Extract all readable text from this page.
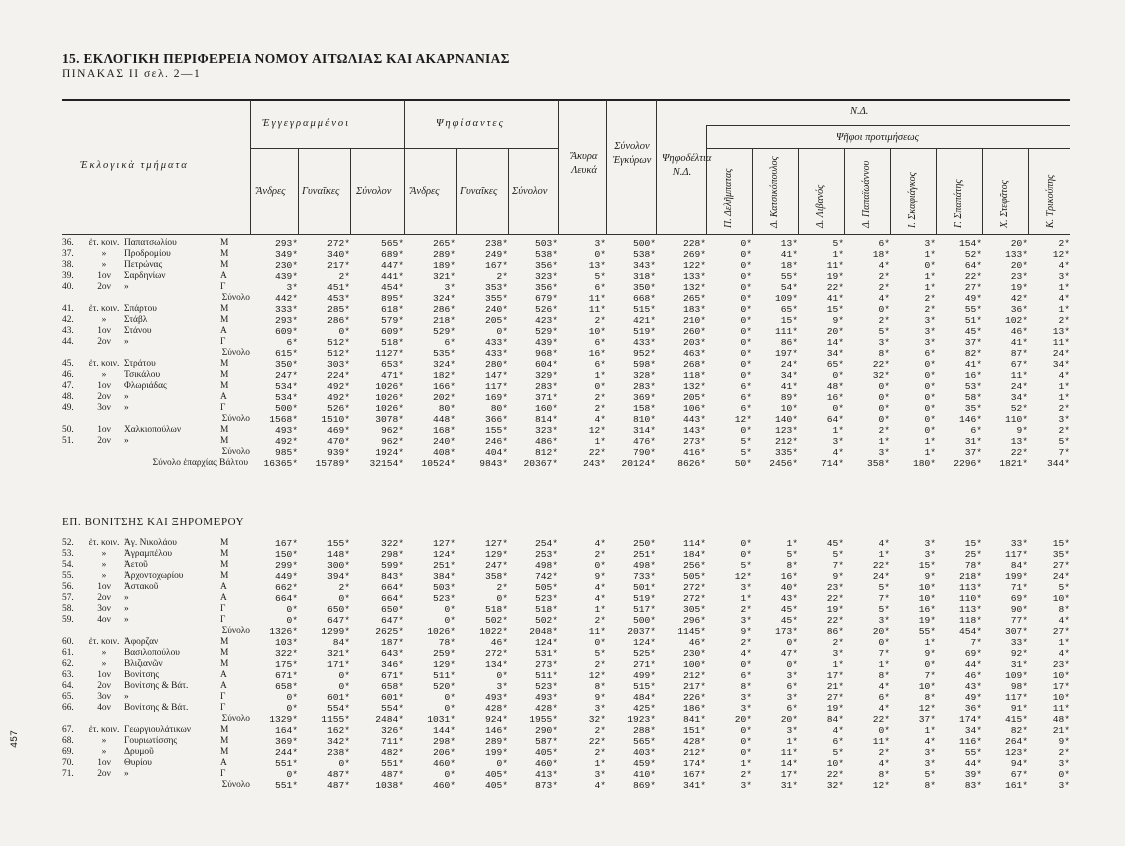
15. ΕΚΛΟΓΙΚΗ ΠΕΡΙΦΕΡΕΙΑ ΝΟΜΟΥ ΑΙΤΩΛΙΑΣ ΚΑΙ ΑΚΑΡΝΑΝΙΑΣ
ΠΙΝΑΚΑΣ ΙΙ σελ. 2—1
457
Ἐκλογικὰ τμήματα
Ἐγγεγραμμένοι	Ψηφίσαντες
Ἄνδρες Γυναῖκες Σύνολον Ἄνδρες Γυναῖκες Σύνολον
Ἄκυρα Λευκά
Σύνολον Ἐγκύρων Ψηφοδέλτια Ν.Δ.
Ν.Δ.
Ψῆφοι προτιμήσεως
Π. Δελῆμπατας	Δ. Κατσικόπουλος	Δ. Λιβανός	Δ. Παπαϊωάννου	Ι. Σκαφιάγκος	Γ. Σπαπάτης	Χ. Στεφᾶτος	Κ. Τρικούπης
36.	ἐτ. κοιν.	Παπατσωλίου	Μ	293*	272*	565*	265*	238*	503*	3*	500*	228*	0*	13*	5*	6*	3*	154*	20*	2*
37.	»	Προδρομίου	Μ	349*	340*	689*	289*	249*	538*	0*	538*	269*	0*	41*	1*	18*	1*	52*	133*	12*
38.	»	Πετρώνας	Μ	230*	217*	447*	189*	167*	356*	13*	343*	122*	0*	18*	11*	4*	0*	64*	20*	4*
39.	1ον	Σαρδηνίων	Α	439*	2*	441*	321*	2*	323*	5*	318*	133*	0*	55*	19*	2*	1*	22*	23*	3*
40.	2ον	»	Γ	3*	451*	454*	3*	353*	356*	6*	350*	132*	0*	54*	22*	2*	1*	27*	19*	1*
			Σύνολο	442*	453*	895*	324*	355*	679*	11*	668*	265*	0*	109*	41*	4*	2*	49*	42*	4*
41.	ἐτ. κοιν.	Σπάρτου	Μ	333*	285*	618*	286*	240*	526*	11*	515*	183*	0*	65*	15*	0*	2*	55*	36*	1*
42.	»	Στάβλ	Μ	293*	286*	579*	218*	205*	423*	2*	421*	210*	0*	15*	9*	2*	3*	51*	102*	2*
43.	1ον	Στάνου	Α	609*	0*	609*	529*	0*	529*	10*	519*	260*	0*	111*	20*	5*	3*	45*	46*	13*
44.	2ον	»	Γ	6*	512*	518*	6*	433*	439*	6*	433*	203*	0*	86*	14*	3*	3*	37*	41*	11*
			Σύνολο	615*	512*	1127*	535*	433*	968*	16*	952*	463*	0*	197*	34*	8*	6*	82*	87*	24*
45.	ἐτ. κοιν.	Στράτου	Μ	350*	303*	653*	324*	280*	604*	6*	598*	268*	0*	24*	65*	22*	0*	41*	67*	34*
46.	»	Τσικάλου	Μ	247*	224*	471*	182*	147*	329*	1*	328*	118*	0*	34*	0*	32*	0*	16*	11*	4*
47.	1ον	Φλωριάδας	Μ	534*	492*	1026*	166*	117*	283*	0*	283*	132*	6*	41*	48*	0*	0*	53*	24*	1*
48.	2ον	»	Α	534*	492*	1026*	202*	169*	371*	2*	369*	205*	6*	89*	16*	0*	0*	58*	34*	1*
49.	3ον	»	Γ	500*	526*	1026*	80*	80*	160*	2*	158*	106*	6*	10*	0*	0*	0*	35*	52*	2*
			Σύνολο	1568*	1510*	3078*	448*	366*	814*	4*	810*	443*	12*	140*	64*	0*	0*	146*	110*	3*
50.	1ον	Χαλκιοπούλων	Μ	493*	469*	962*	168*	155*	323*	12*	314*	143*	0*	123*	1*	2*	0*	6*	9*	2*
51.	2ον	»	Μ	492*	470*	962*	240*	246*	486*	1*	476*	273*	5*	212*	3*	1*	1*	31*	13*	5*
			Σύνολο	985*	939*	1924*	408*	404*	812*	22*	790*	416*	5*	335*	4*	3*	1*	37*	22*	7*
Σύνολο ἐπαρχίας Βάλτου				16365*	15789*	32154*	10524*	9843*	20367*	243*	20124*	8626*	50*	2456*	714*	358*	180*	2296*	1821*	344*
ΕΠ. ΒΟΝΙΤΣΗΣ ΚΑΙ ΞΗΡΟΜΕΡΟΥ
52.	ἐτ. κοιν.	Ἁγ. Νικολάου	Μ	167*	155*	322*	127*	127*	254*	4*	250*	114*	0*	1*	45*	4*	3*	15*	33*	15*
53.	»	Ἀγραμπέλου	Μ	150*	148*	298*	124*	129*	253*	2*	251*	184*	0*	5*	5*	1*	3*	25*	117*	35*
54.	»	Ἀετοῦ	Μ	299*	300*	599*	251*	247*	498*	0*	498*	256*	5*	8*	7*	22*	15*	78*	84*	27*
55.	»	Ἀρχοντοχωρίου	Μ	449*	394*	843*	384*	358*	742*	9*	733*	505*	12*	16*	9*	24*	9*	218*	199*	24*
56.	1ον	Ἀστακοῦ	Α	662*	2*	664*	503*	2*	505*	4*	501*	272*	3*	40*	23*	5*	10*	113*	71*	5*
57.	2ον	»	Α	664*	0*	664*	523*	0*	523*	4*	519*	272*	1*	43*	22*	7*	10*	110*	69*	10*
58.	3ον	»	Γ	0*	650*	650*	0*	518*	518*	1*	517*	305*	2*	45*	19*	5*	16*	113*	90*	8*
59.	4ον	»	Γ	0*	647*	647*	0*	502*	502*	2*	500*	296*	3*	45*	22*	3*	19*	118*	77*	4*
			Σύνολο	1326*	1299*	2625*	1026*	1022*	2048*	11*	2037*	1145*	9*	173*	86*	20*	55*	454*	307*	27*
60.	ἐτ. κοιν.	Ἀφορζαν	Μ	103*	84*	187*	78*	46*	124*	0*	124*	46*	2*	0*	2*	0*	1*	7*	33*	1*
61.	»	Βασιλοπούλου	Μ	322*	321*	643*	259*	272*	531*	5*	525*	230*	4*	47*	3*	7*	9*	69*	92*	4*
62.	»	Βλιζιανῶν	Μ	175*	171*	346*	129*	134*	273*	2*	271*	100*	0*	0*	1*	1*	0*	44*	31*	23*
63.	1ον	Βονίτσης	Α	671*	0*	671*	511*	0*	511*	12*	499*	212*	6*	3*	17*	8*	7*	46*	109*	10*
64.	2ον	Βονίτσης & Βάτ.	Α	658*	0*	658*	520*	3*	523*	8*	515*	217*	8*	6*	21*	4*	10*	43*	98*	17*
65.	3ον	»	Γ	0*	601*	601*	0*	493*	493*	9*	484*	226*	3*	3*	27*	6*	8*	49*	117*	10*
66.	4ον	Βονίτσης & Βάτ.	Γ	0*	554*	554*	0*	428*	428*	3*	425*	186*	3*	6*	19*	4*	12*	36*	91*	11*
			Σύνολο	1329*	1155*	2484*	1031*	924*	1955*	32*	1923*	841*	20*	20*	84*	22*	37*	174*	415*	48*
67.	ἐτ. κοιν.	Γεωργιουλάτικων	Μ	164*	162*	326*	144*	146*	290*	2*	288*	151*	0*	3*	4*	0*	1*	34*	82*	21*
68.	»	Γουριωτίσσης	Μ	369*	342*	711*	298*	289*	587*	22*	565*	428*	0*	1*	6*	11*	4*	116*	264*	9*
69.	»	Δρυμοῦ	Μ	244*	238*	482*	206*	199*	405*	2*	403*	212*	0*	11*	5*	2*	3*	55*	123*	2*
70.	1ον	Θυρίου	Α	551*	0*	551*	460*	0*	460*	1*	459*	174*	1*	14*	10*	4*	3*	44*	94*	3*
71.	2ον	»	Γ	0*	487*	487*	0*	405*	413*	3*	410*	167*	2*	17*	22*	8*	5*	39*	67*	0*
			Σύνολο	551*	487*	1038*	460*	405*	873*	4*	869*	341*	3*	31*	32*	12*	8*	83*	161*	3*
